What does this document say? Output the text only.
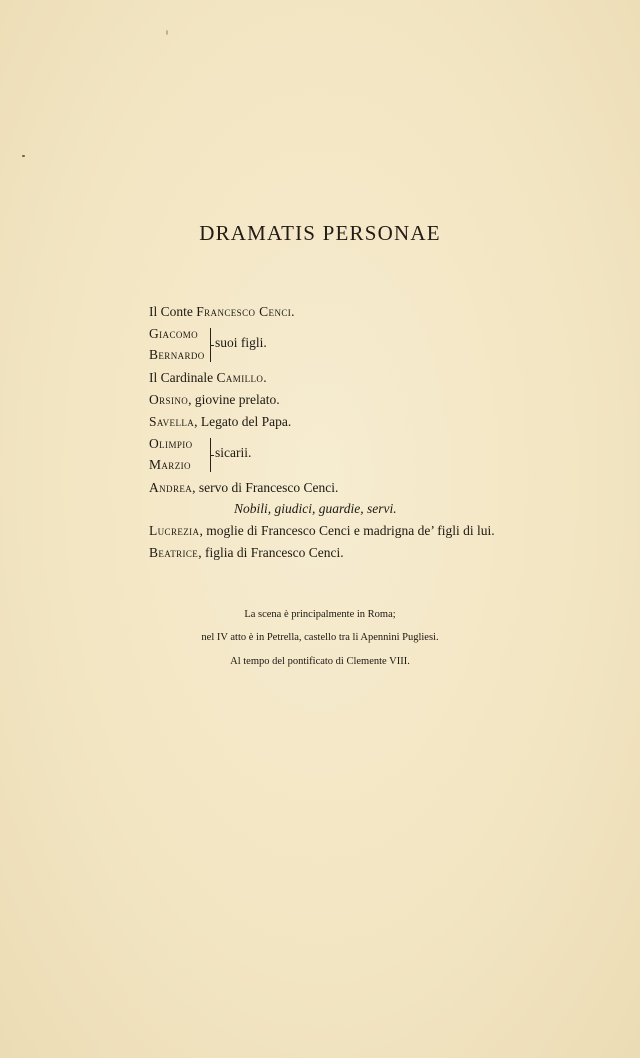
DRAMATIS PERSONAE
Il Conte Francesco Cenci.
Giacomo
Bernardo
suoi figli.
Il Cardinale Camillo.
Orsino, giovine prelato.
Savella, Legato del Papa.
Olimpio
Marzio
sicarii.
Andrea, servo di Francesco Cenci.
Nobili, giudici, guardie, servi.
Lucrezia, moglie di Francesco Cenci e madrigna de’ figli di lui.
Beatrice, figlia di Francesco Cenci.
La scena è principalmente in Roma;
nel IV atto è in Petrella, castello tra li Apennini Pugliesi.
Al tempo del pontificato di Clemente VIII.
